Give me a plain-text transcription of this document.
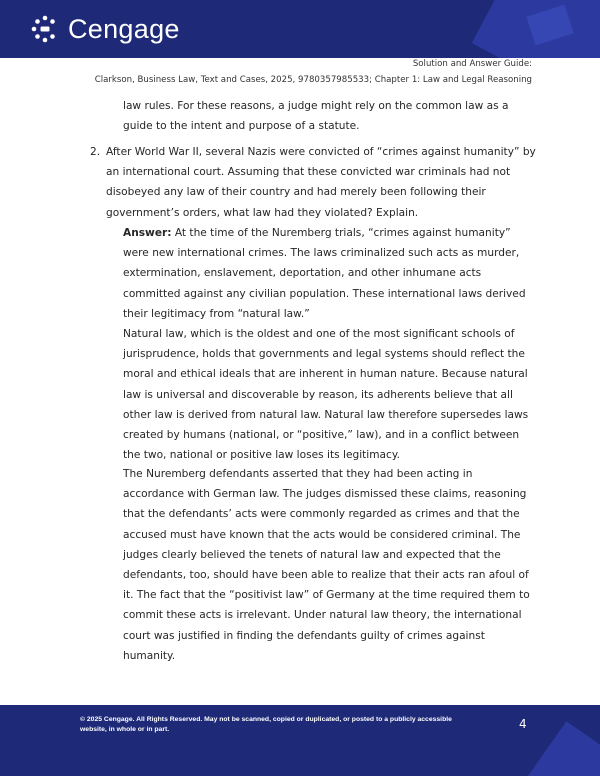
Cengage
Solution and Answer Guide:
Clarkson, Business Law, Text and Cases, 2025, 9780357985533; Chapter 1: Law and Legal Reasoning

law rules. For these reasons, a judge might rely on the common law as a guide to the intent and purpose of a statute.

2. After World War II, several Nazis were convicted of “crimes against humanity” by an international court. Assuming that these convicted war criminals had not disobeyed any law of their country and had merely been following their government’s orders, what law had they violated? Explain.

Answer: At the time of the Nuremberg trials, “crimes against humanity” were new international crimes. The laws criminalized such acts as murder, extermination, enslavement, deportation, and other inhumane acts committed against any civilian population. These international laws derived their legitimacy from “natural law.”

Natural law, which is the oldest and one of the most significant schools of jurisprudence, holds that governments and legal systems should reflect the moral and ethical ideals that are inherent in human nature. Because natural law is universal and discoverable by reason, its adherents believe that all other law is derived from natural law. Natural law therefore supersedes laws created by humans (national, or “positive,” law), and in a conflict between the two, national or positive law loses its legitimacy.

The Nuremberg defendants asserted that they had been acting in accordance with German law. The judges dismissed these claims, reasoning that the defendants’ acts were commonly regarded as crimes and that the accused must have known that the acts would be considered criminal. The judges clearly believed the tenets of natural law and expected that the defendants, too, should have been able to realize that their acts ran afoul of it. The fact that the “positivist law” of Germany at the time required them to commit these acts is irrelevant. Under natural law theory, the international court was justified in finding the defendants guilty of crimes against humanity.

© 2025 Cengage. All Rights Reserved. May not be scanned, copied or duplicated, or posted to a publicly accessible website, in whole or in part.	4
